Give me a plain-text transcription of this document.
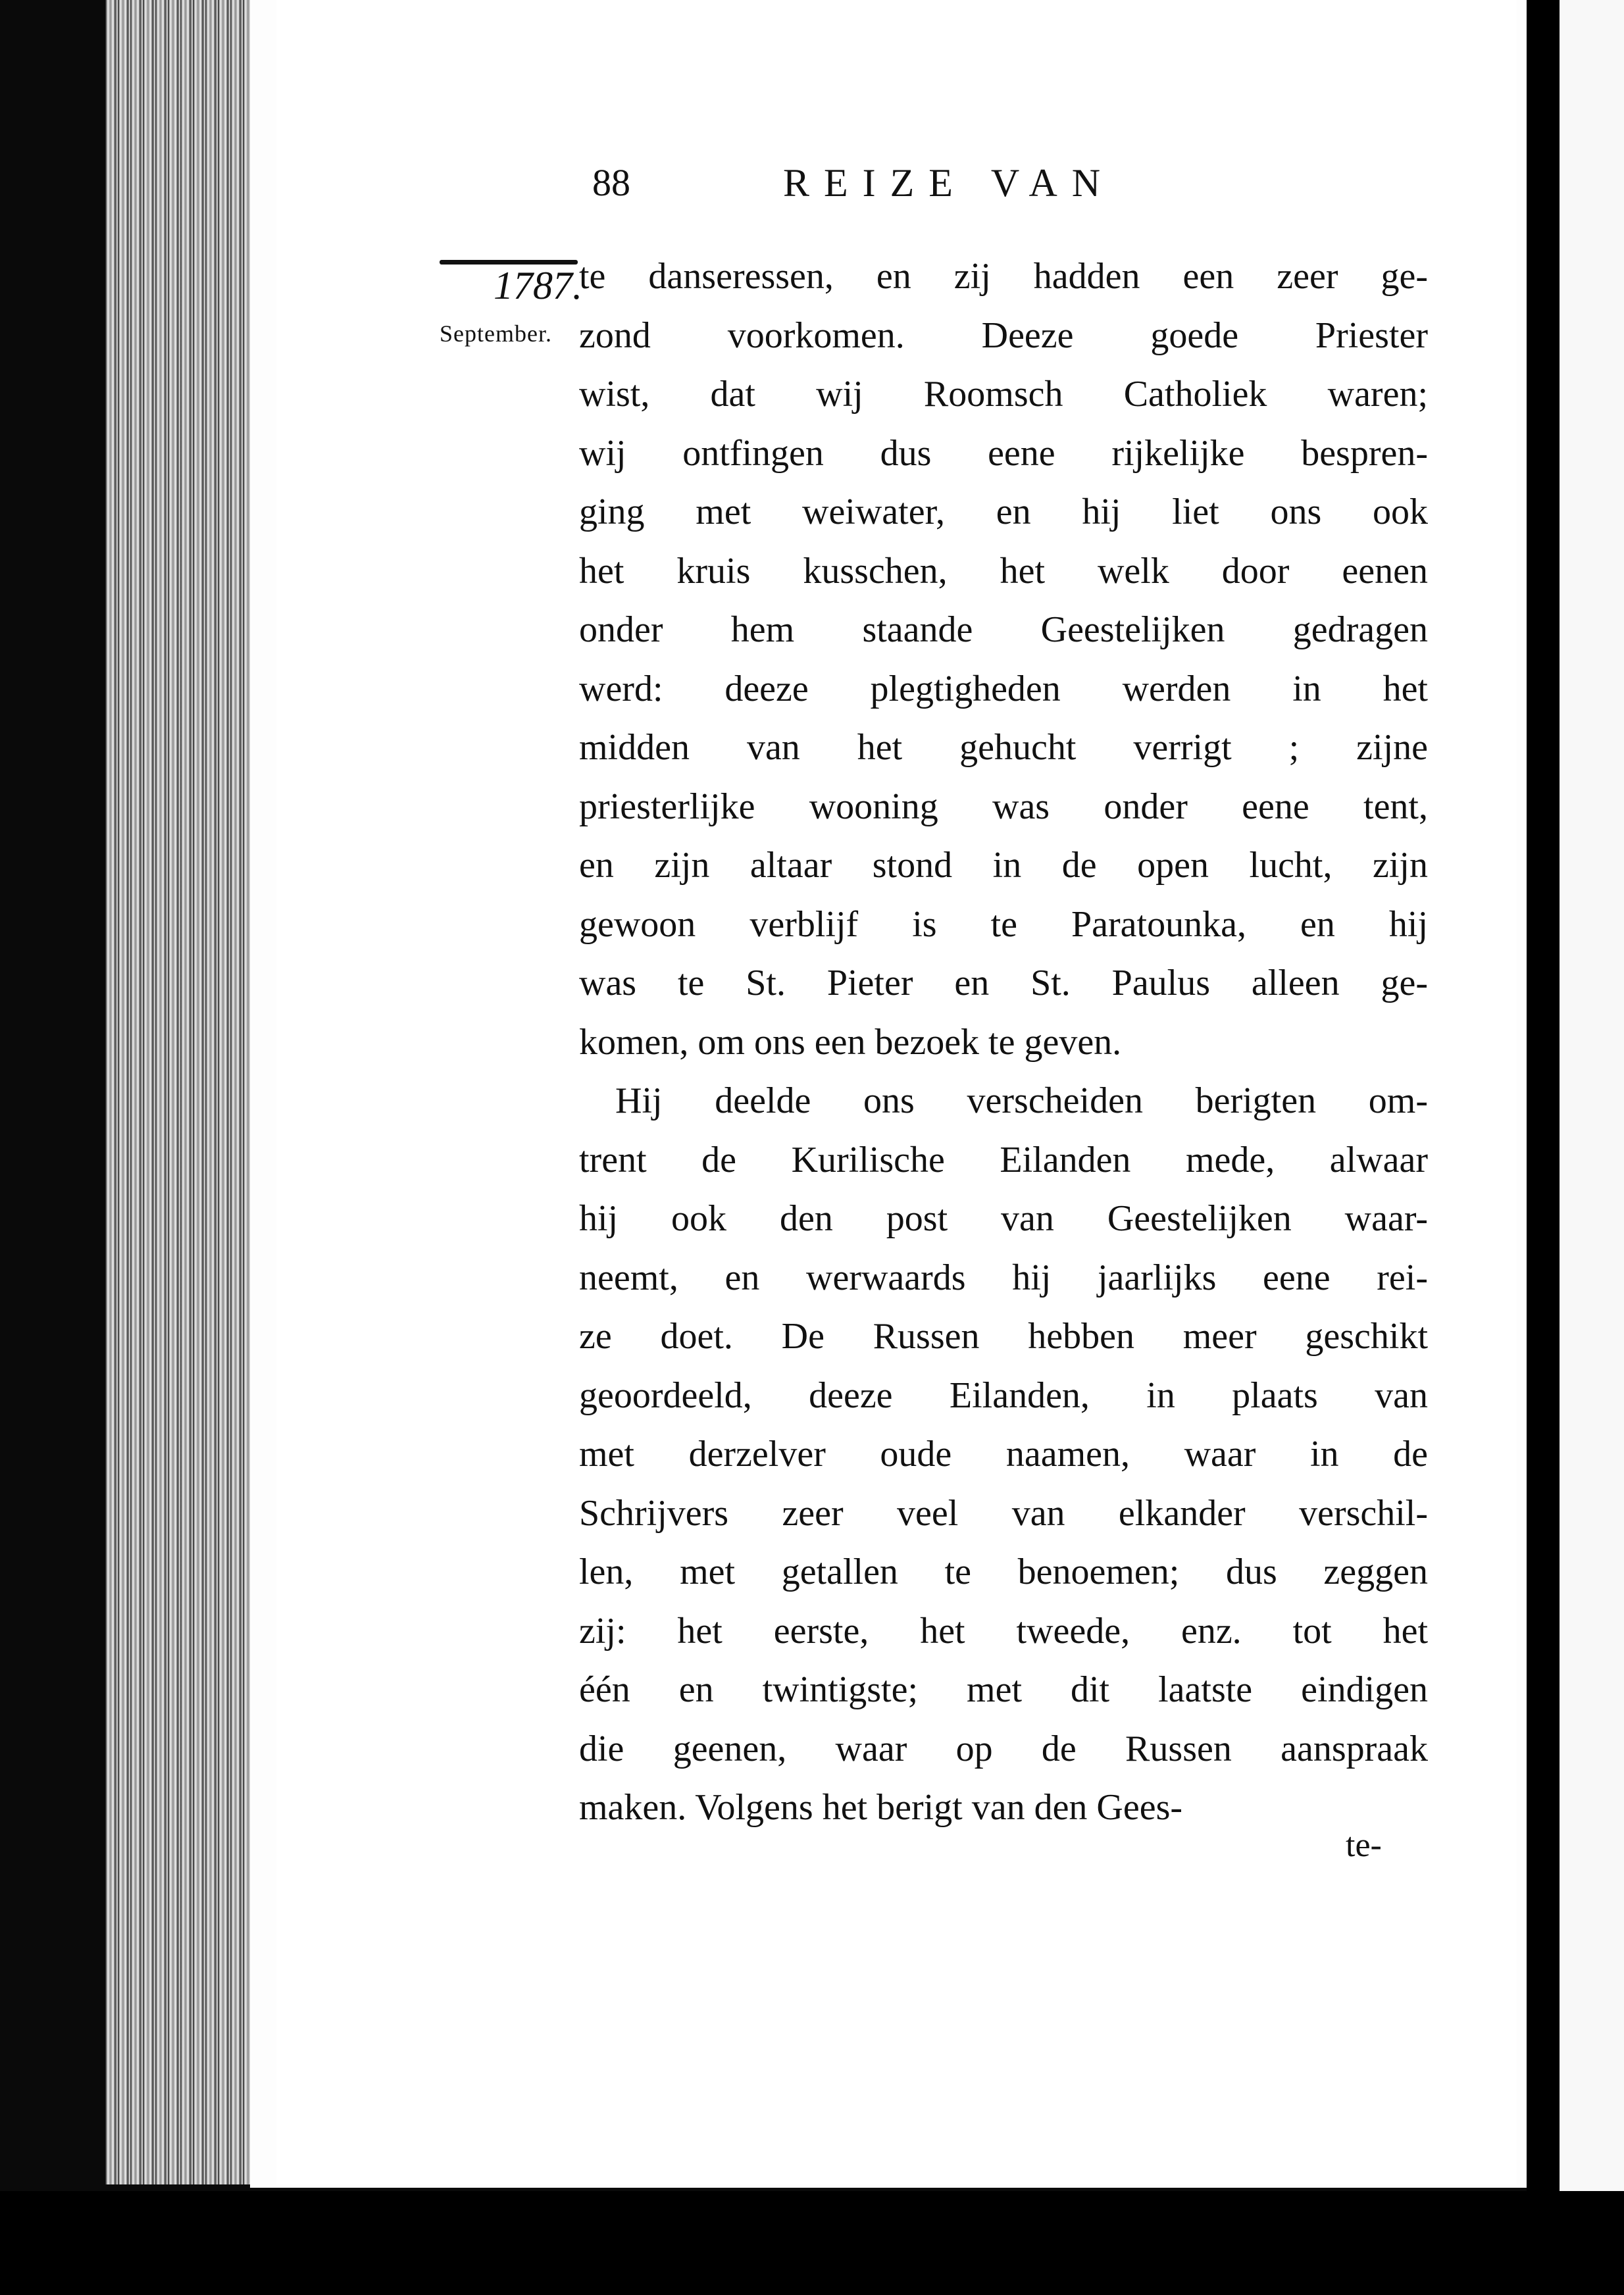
88	REIZE VAN
1787.
September.
te danseressen, en zij hadden een zeer ge-
zond voorkomen. Deeze goede Priester
wist, dat wij Roomsch Catholiek waren;
wij ontfingen dus eene rijkelijke bespren-
ging met weiwater, en hij liet ons ook
het kruis kusschen, het welk door eenen
onder hem staande Geestelijken gedragen
werd: deeze plegtigheden werden in het
midden van het gehucht verrigt ; zijne
priesterlijke wooning was onder eene tent,
en zijn altaar stond in de open lucht, zijn
gewoon verblijf is te Paratounka, en hij
was te St. Pieter en St. Paulus alleen ge-
komen, om ons een bezoek te geven.
Hij deelde ons verscheiden berigten om-
trent de Kurilische Eilanden mede, alwaar
hij ook den post van Geestelijken waar-
neemt, en werwaards hij jaarlijks eene rei-
ze doet. De Russen hebben meer geschikt
geoordeeld, deeze Eilanden, in plaats van
met derzelver oude naamen, waar in de
Schrijvers zeer veel van elkander verschil-
len, met getallen te benoemen; dus zeggen
zij: het eerste, het tweede, enz. tot het
één en twintigste; met dit laatste eindigen
die geenen, waar op de Russen aanspraak
maken. Volgens het berigt van den Gees-
te-
